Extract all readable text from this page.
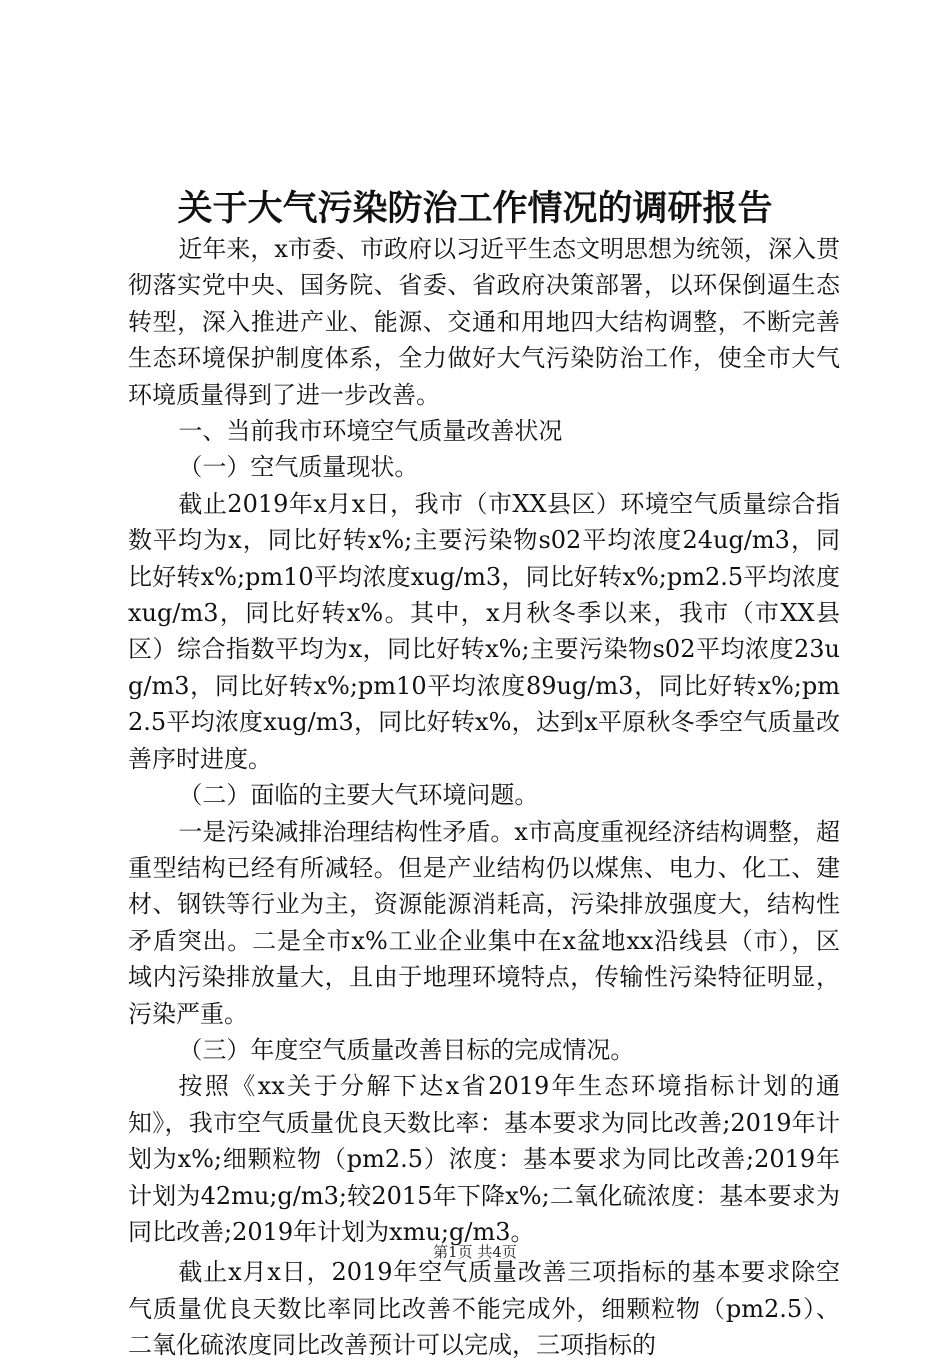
关于大气污染防治工作情况的调研报告

近年来，x市委、市政府以习近平生态文明思想为统领，深入贯彻落实党中央、国务院、省委、省政府决策部署，以环保倒逼生态转型，深入推进产业、能源、交通和用地四大结构调整，不断完善生态环境保护制度体系，全力做好大气污染防治工作，使全市大气环境质量得到了进一步改善。

一、当前我市环境空气质量改善状况

（一）空气质量现状。

截止2019年x月x日，我市（市XX县区）环境空气质量综合指数平均为x，同比好转x%;主要污染物s02平均浓度24ug/m3，同比好转x%;pm10平均浓度xug/m3，同比好转x%;pm2.5平均浓度xug/m3，同比好转x%。其中，x月秋冬季以来，我市（市XX县区）综合指数平均为x，同比好转x%;主要污染物s02平均浓度23ug/m3，同比好转x%;pm10平均浓度89ug/m3，同比好转x%;pm2.5平均浓度xug/m3，同比好转x%，达到x平原秋冬季空气质量改善序时进度。

（二）面临的主要大气环境问题。

一是污染减排治理结构性矛盾。x市高度重视经济结构调整，超重型结构已经有所减轻。但是产业结构仍以煤焦、电力、化工、建材、钢铁等行业为主，资源能源消耗高，污染排放强度大，结构性矛盾突出。二是全市x%工业企业集中在x盆地xx沿线县（市），区域内污染排放量大，且由于地理环境特点，传输性污染特征明显，污染严重。

（三）年度空气质量改善目标的完成情况。

按照《xx关于分解下达x省2019年生态环境指标计划的通知》，我市空气质量优良天数比率：基本要求为同比改善;2019年计划为x%;细颗粒物（pm2.5）浓度：基本要求为同比改善;2019年计划为42mu;g/m3;较2015年下降x%;二氧化硫浓度：基本要求为同比改善;2019年计划为xmu;g/m3。

截止x月x日，2019年空气质量改善三项指标的基本要求除空气质量优良天数比率同比改善不能完成外，细颗粒物（pm2.5）、二氧化硫浓度同比改善预计可以完成，三项指标的

第1页 共4页
